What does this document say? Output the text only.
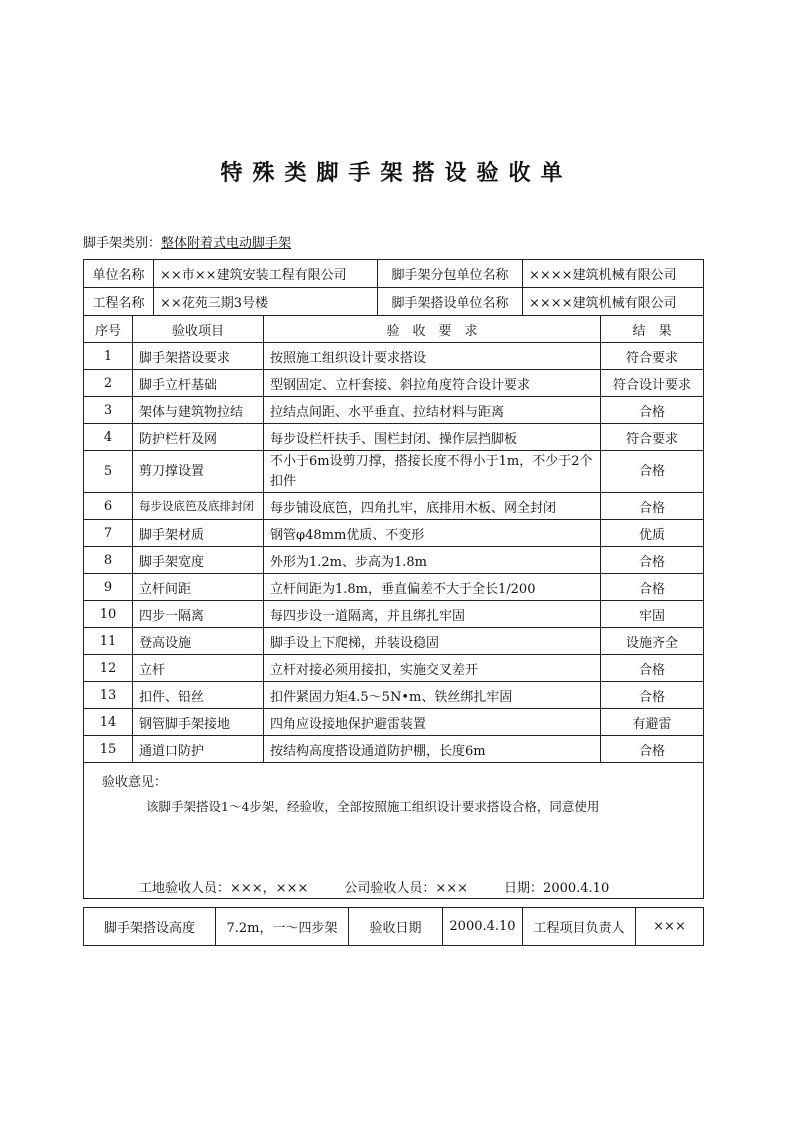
特殊类脚手架搭设验收单
脚手架类别：整体附着式电动脚手架
单位名称	××市××建筑安装工程有限公司	脚手架分包单位名称	××××建筑机械有限公司
工程名称	××花苑三期3号楼	脚手架搭设单位名称	××××建筑机械有限公司
序号	验收项目	验　收　要　求	结　果
1	脚手架搭设要求	按照施工组织设计要求搭设	符合要求
2	脚手立杆基础	型钢固定、立杆套接、斜拉角度符合设计要求	符合设计要求
3	架体与建筑物拉结	拉结点间距、水平垂直、拉结材料与距离	合格
4	防护栏杆及网	每步设栏杆扶手、围栏封闭、操作层挡脚板	符合要求
5	剪刀撑设置	不小于6m设剪刀撑，搭接长度不得小于1m，不少于2个扣件	合格
6	每步设底笆及底排封闭	每步铺设底笆，四角扎牢，底排用木板、网全封闭	合格
7	脚手架材质	钢管φ48mm优质、不变形	优质
8	脚手架宽度	外形为1.2m、步高为1.8m	合格
9	立杆间距	立杆间距为1.8m，垂直偏差不大于全长1/200	合格
10	四步一隔离	每四步设一道隔离，并且绑扎牢固	牢固
11	登高设施	脚手设上下爬梯，并装设稳固	设施齐全
12	立杆	立杆对接必须用接扣，实施交叉差开	合格
13	扣件、铅丝	扣件紧固力矩4.5～5N•m、铁丝绑扎牢固	合格
14	钢管脚手架接地	四角应设接地保护避雷装置	有避雷
15	通道口防护	按结构高度搭设通道防护棚，长度6m	合格

验收意见：
该脚手架搭设1～4步架，经验收，全部按照施工组织设计要求搭设合格，同意使用
工地验收人员：×××，××× 公司验收人员：××× 日期：2000.4.10			
脚手架搭设高度	7.2m，一～四步架	验收日期	2000.4.10	工程项目负责人	×××
